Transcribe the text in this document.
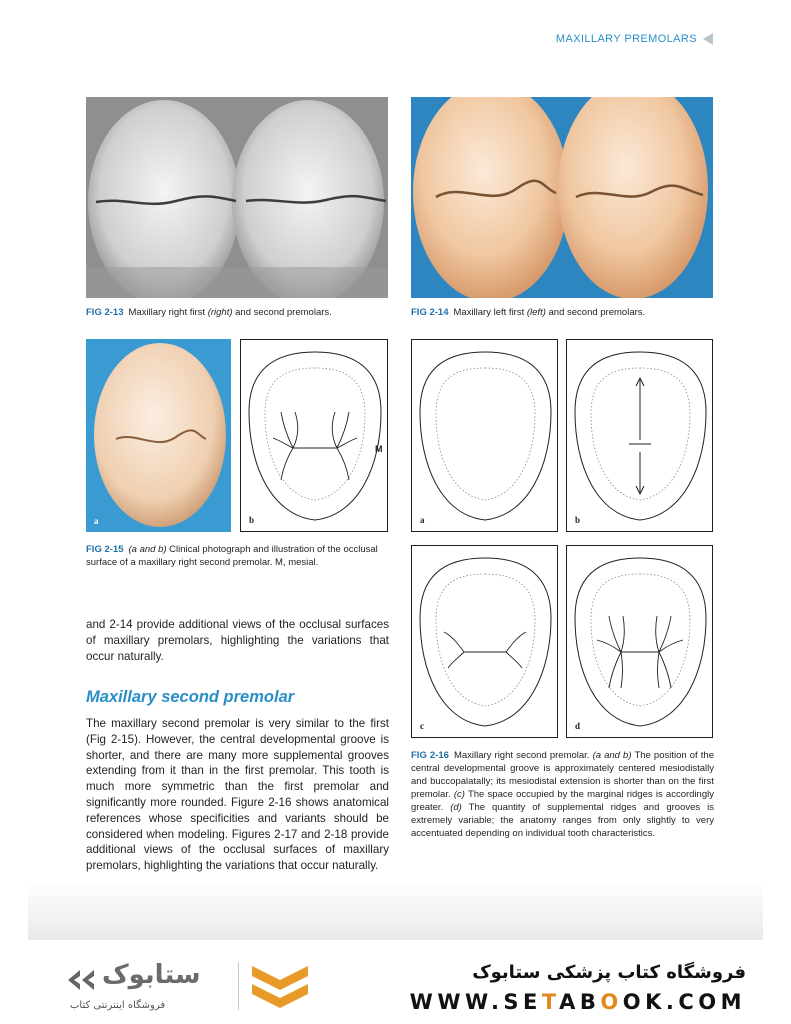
MAXILLARY PREMOLARS
FIG 2-13 Maxillary right first (right) and second premolars.	FIG 2-14 Maxillary left first (left) and second premolars.
a
M
b
FIG 2-15 (a and b) Clinical photograph and illustration of the occlusal surface of a maxillary right second premolar. M, mesial.
a	b
c	d
FIG 2-16 Maxillary right second premolar. (a and b) The position of the central developmental groove is approximately centered mesiodistally and buccopalatally; its mesiodistal extension is shorter than on the first premolar. (c) The space occupied by the marginal ridges is accordingly greater. (d) The quantity of supplemental ridges and grooves is extremely variable; the anatomy ranges from only slightly to very accentuated depending on individual tooth characteristics.

and 2-14 provide additional views of the occlusal surfaces of maxillary premolars, highlighting the variations that occur naturally.

Maxillary second premolar

The maxillary second premolar is very similar to the first (Fig 2-15). However, the central developmental groove is shorter, and there are many more supplemental grooves extending from it than in the first premolar. This tooth is much more symmetric than the first premolar and significantly more rounded. Figure 2-16 shows anatomical references whose specificities and variants should be considered when modeling. Figures 2-17 and 2-18 provide additional views of the occlusal surfaces of maxillary premolars, highlighting the variations that occur naturally.

ستابوک
فروشگاه اینترنتی کتاب
فروشگاه کتاب پزشکی ستابوک
WWW.SETABOOK.COM
